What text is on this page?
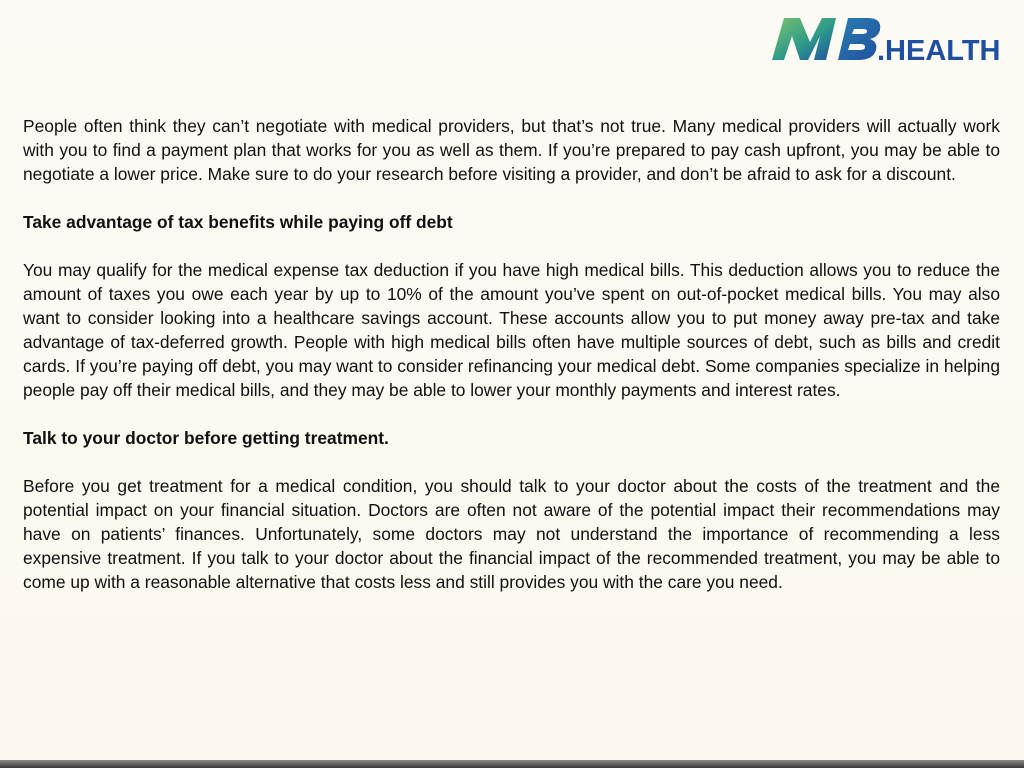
.HEALTH

People often think they can’t negotiate with medical providers, but that’s not true. Many medical providers will actually work with you to find a payment plan that works for you as well as them. If you’re prepared to pay cash upfront, you may be able to negotiate a lower price. Make sure to do your research before visiting a provider, and don’t be afraid to ask for a discount.

Take advantage of tax benefits while paying off debt

You may qualify for the medical expense tax deduction if you have high medical bills. This deduction allows you to reduce the amount of taxes you owe each year by up to 10% of the amount you’ve spent on out-of-pocket medical bills. You may also want to consider looking into a healthcare savings account. These accounts allow you to put money away pre-tax and take advantage of tax-deferred growth. People with high medical bills often have multiple sources of debt, such as bills and credit cards. If you’re paying off debt, you may want to consider refinancing your medical debt. Some companies specialize in helping people pay off their medical bills, and they may be able to lower your monthly payments and interest rates.

Talk to your doctor before getting treatment.

Before you get treatment for a medical condition, you should talk to your doctor about the costs of the treatment and the potential impact on your financial situation. Doctors are often not aware of the potential impact their recommendations may have on patients’ finances. Unfortunately, some doctors may not understand the importance of recommending a less expensive treatment. If you talk to your doctor about the financial impact of the recommended treatment, you may be able to come up with a reasonable alternative that costs less and still provides you with the care you need.
